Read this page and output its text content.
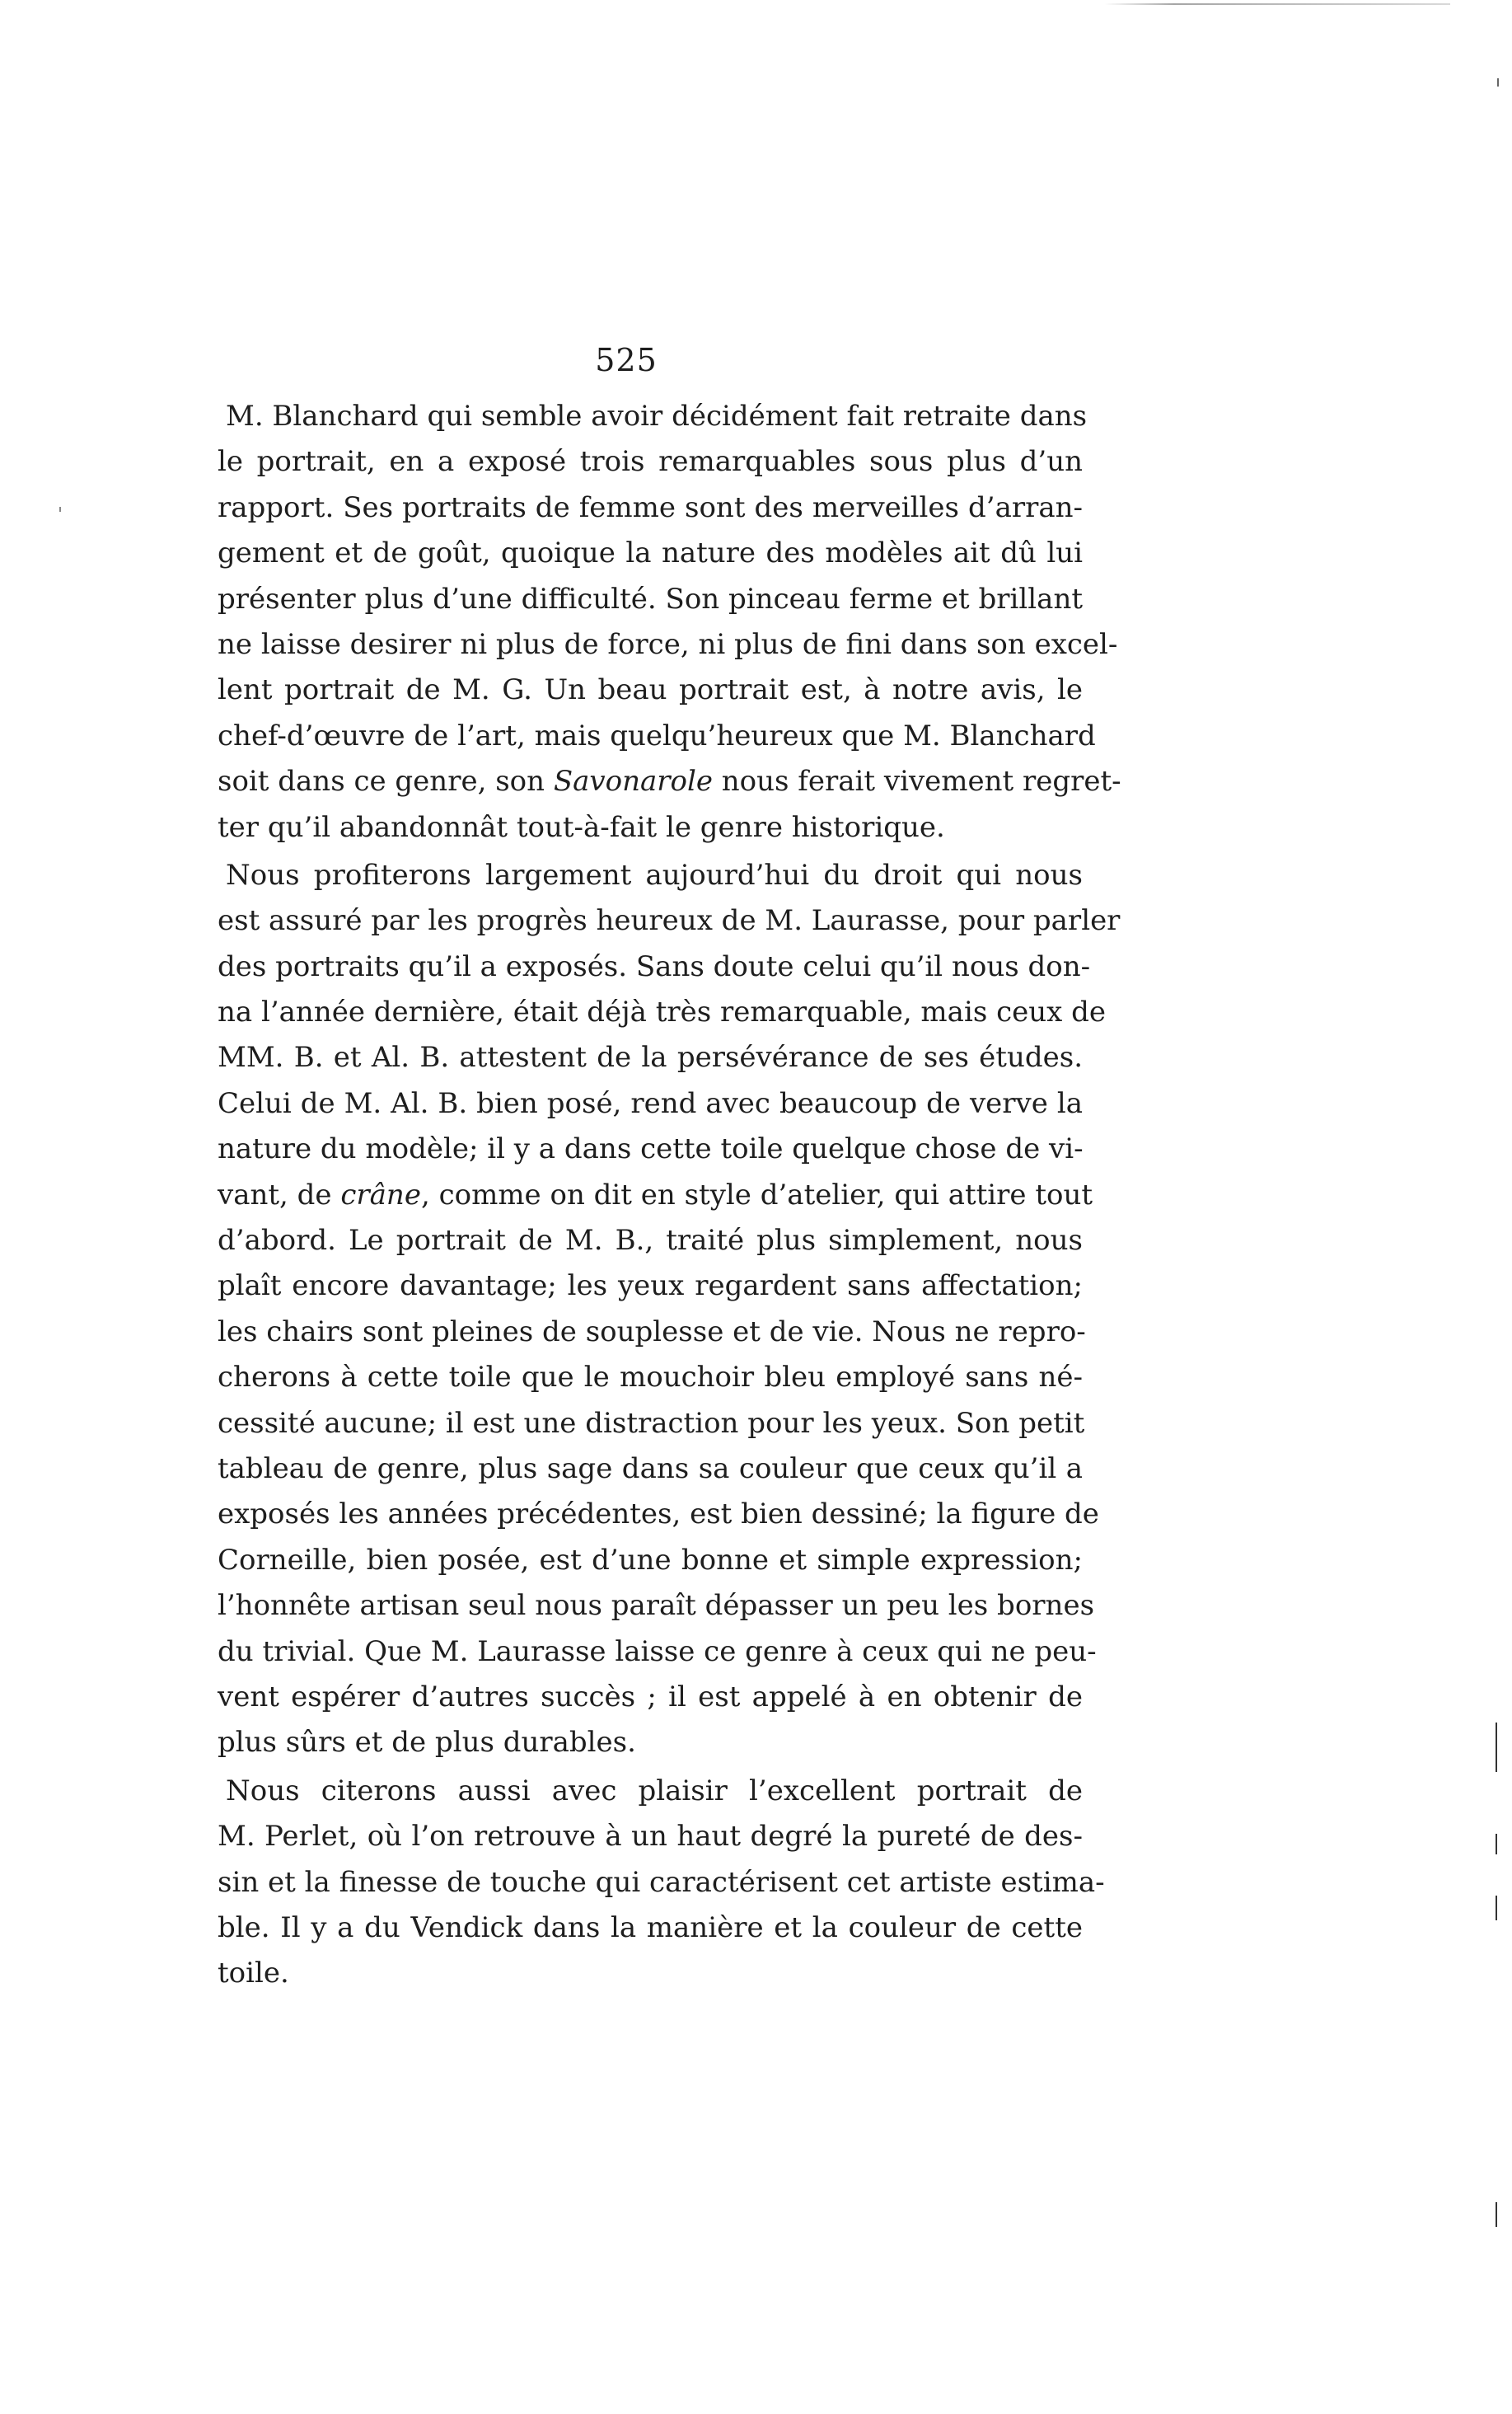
525
M. Blanchard qui semble avoir décidément fait retraite dans
le portrait, en a exposé trois remarquables sous plus d’un
rapport. Ses portraits de femme sont des merveilles d’arran-
gement et de goût, quoique la nature des modèles ait dû lui
présenter plus d’une difficulté. Son pinceau ferme et brillant
ne laisse desirer ni plus de force, ni plus de fini dans son excel-
lent portrait de M. G. Un beau portrait est, à notre avis, le
chef-d’œuvre de l’art, mais quelqu’heureux que M. Blanchard
soit dans ce genre, son Savonarole nous ferait vivement regret-
ter qu’il abandonnât tout-à-fait le genre historique.
Nous profiterons largement aujourd’hui du droit qui nous
est assuré par les progrès heureux de M. Laurasse, pour parler
des portraits qu’il a exposés. Sans doute celui qu’il nous don-
na l’année dernière, était déjà très remarquable, mais ceux de
MM. B. et Al. B. attestent de la persévérance de ses études.
Celui de M. Al. B. bien posé, rend avec beaucoup de verve la
nature du modèle; il y a dans cette toile quelque chose de vi-
vant, de crâne, comme on dit en style d’atelier, qui attire tout
d’abord. Le portrait de M. B., traité plus simplement, nous
plaît encore davantage; les yeux regardent sans affectation;
les chairs sont pleines de souplesse et de vie. Nous ne repro-
cherons à cette toile que le mouchoir bleu employé sans né-
cessité aucune; il est une distraction pour les yeux. Son petit
tableau de genre, plus sage dans sa couleur que ceux qu’il a
exposés les années précédentes, est bien dessiné; la figure de
Corneille, bien posée, est d’une bonne et simple expression;
l’honnête artisan seul nous paraît dépasser un peu les bornes
du trivial. Que M. Laurasse laisse ce genre à ceux qui ne peu-
vent espérer d’autres succès ; il est appelé à en obtenir de
plus sûrs et de plus durables.
Nous citerons aussi avec plaisir l’excellent portrait de
M. Perlet, où l’on retrouve à un haut degré la pureté de des-
sin et la finesse de touche qui caractérisent cet artiste estima-
ble. Il y a du Vendick dans la manière et la couleur de cette
toile.
